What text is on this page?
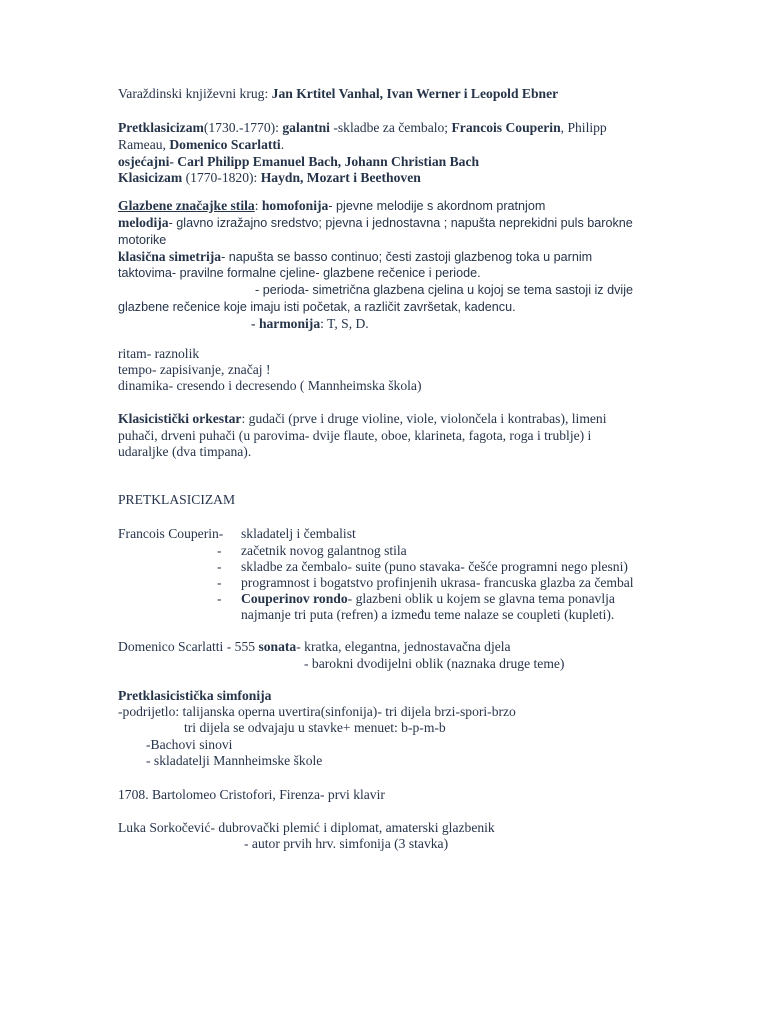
Varaždinski književni krug: Jan Krtitel Vanhal, Ivan Werner i Leopold Ebner
Pretklasicizam(1730.-1770): galantni -skladbe za čembalo; Francois Couperin, Philipp
Rameau, Domenico Scarlatti.
osjećajni- Carl Philipp Emanuel Bach, Johann Christian Bach
Klasicizam (1770-1820): Haydn, Mozart i Beethoven
Glazbene značajke stila: homofonija- pjevne melodije s akordnom pratnjom
melodija- glavno izražajno sredstvo; pjevna i jednostavna ; napušta neprekidni puls barokne
motorike
klasična simetrija- napušta se basso continuo; česti zastoji glazbenog toka u parnim
taktovima- pravilne formalne cjeline- glazbene rečenice i periode.
- perioda- simetrična glazbena cjelina u kojoj se tema sastoji iz dvije
glazbene rečenice koje imaju isti početak, a različit završetak, kadencu.
- harmonija: T, S, D.
ritam- raznolik
tempo- zapisivanje, značaj !
dinamika- cresendo i decresendo ( Mannheimska škola)
Klasicistički orkestar: gudači (prve i druge violine, viole, violončela i kontrabas), limeni
puhači, drveni puhači (u parovima- dvije flaute, oboe, klarineta, fagota, roga i trublje) i
udaraljke (dva timpana).
PRETKLASICIZAM
Francois Couperin- skladatelj i čembalist
- začetnik novog galantnog stila
- skladbe za čembalo- suite (puno stavaka- češće programni nego plesni)
- programnost i bogatstvo profinjenih ukrasa- francuska glazba za čembal
- Couperinov rondo- glazbeni oblik u kojem se glavna tema ponavlja
najmanje tri puta (refren) a između teme nalaze se coupleti (kupleti).
Domenico Scarlatti - 555 sonata- kratka, elegantna, jednostavačna djela
- barokni dvodijelni oblik (naznaka druge teme)
Pretklasicistička simfonija
-podrijetlo: talijanska operna uvertira(sinfonija)- tri dijela brzi-spori-brzo
tri dijela se odvajaju u stavke+ menuet: b-p-m-b
-Bachovi sinovi
- skladatelji Mannheimske škole
1708. Bartolomeo Cristofori, Firenza- prvi klavir
Luka Sorkočević- dubrovački plemić i diplomat, amaterski glazbenik
- autor prvih hrv. simfonija (3 stavka)
